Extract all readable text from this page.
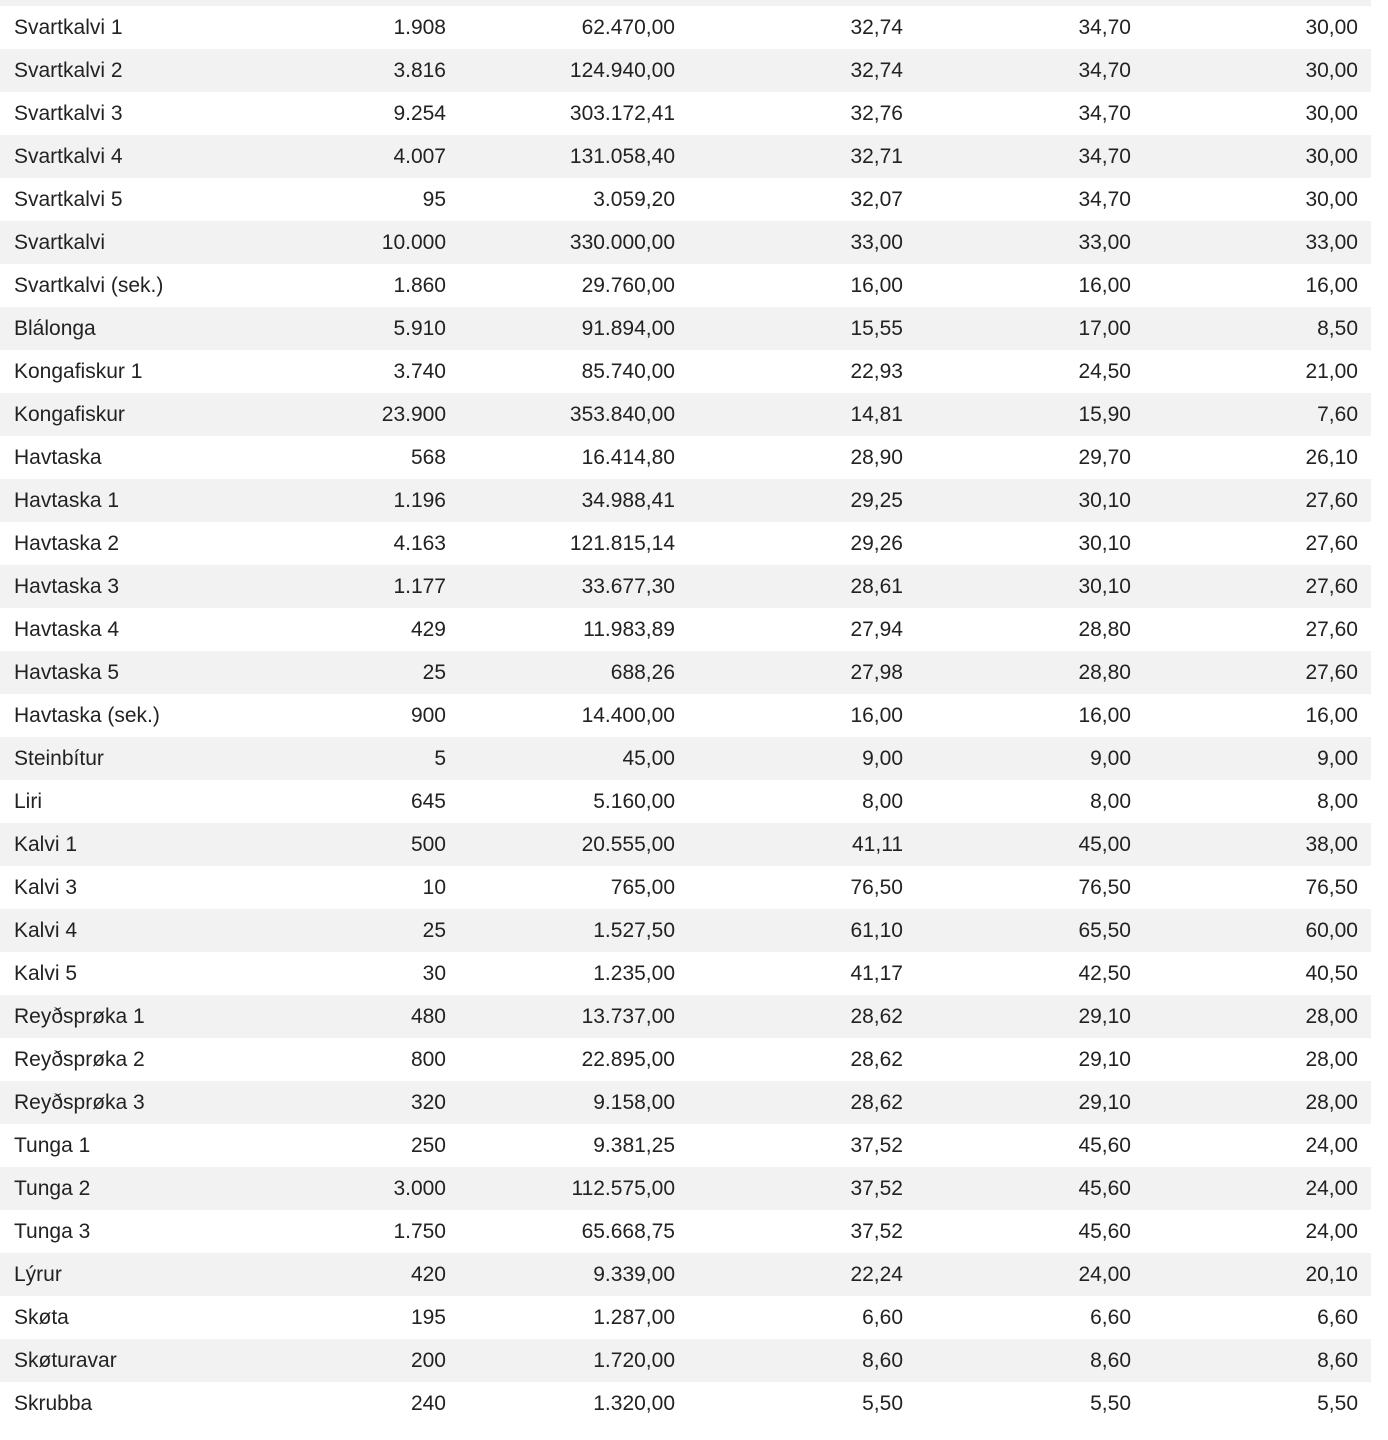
Svartkalvi 1	1.908	62.470,00	32,74	34,70	30,00
Svartkalvi 2	3.816	124.940,00	32,74	34,70	30,00
Svartkalvi 3	9.254	303.172,41	32,76	34,70	30,00
Svartkalvi 4	4.007	131.058,40	32,71	34,70	30,00
Svartkalvi 5	95	3.059,20	32,07	34,70	30,00
Svartkalvi	10.000	330.000,00	33,00	33,00	33,00
Svartkalvi (sek.)	1.860	29.760,00	16,00	16,00	16,00
Blálonga	5.910	91.894,00	15,55	17,00	8,50
Kongafiskur 1	3.740	85.740,00	22,93	24,50	21,00
Kongafiskur	23.900	353.840,00	14,81	15,90	7,60
Havtaska	568	16.414,80	28,90	29,70	26,10
Havtaska 1	1.196	34.988,41	29,25	30,10	27,60
Havtaska 2	4.163	121.815,14	29,26	30,10	27,60
Havtaska 3	1.177	33.677,30	28,61	30,10	27,60
Havtaska 4	429	11.983,89	27,94	28,80	27,60
Havtaska 5	25	688,26	27,98	28,80	27,60
Havtaska (sek.)	900	14.400,00	16,00	16,00	16,00
Steinbítur	5	45,00	9,00	9,00	9,00
Liri	645	5.160,00	8,00	8,00	8,00
Kalvi 1	500	20.555,00	41,11	45,00	38,00
Kalvi 3	10	765,00	76,50	76,50	76,50
Kalvi 4	25	1.527,50	61,10	65,50	60,00
Kalvi 5	30	1.235,00	41,17	42,50	40,50
Reyðsprøka 1	480	13.737,00	28,62	29,10	28,00
Reyðsprøka 2	800	22.895,00	28,62	29,10	28,00
Reyðsprøka 3	320	9.158,00	28,62	29,10	28,00
Tunga 1	250	9.381,25	37,52	45,60	24,00
Tunga 2	3.000	112.575,00	37,52	45,60	24,00
Tunga 3	1.750	65.668,75	37,52	45,60	24,00
Lýrur	420	9.339,00	22,24	24,00	20,10
Skøta	195	1.287,00	6,60	6,60	6,60
Skøturavar	200	1.720,00	8,60	8,60	8,60
Skrubba	240	1.320,00	5,50	5,50	5,50
